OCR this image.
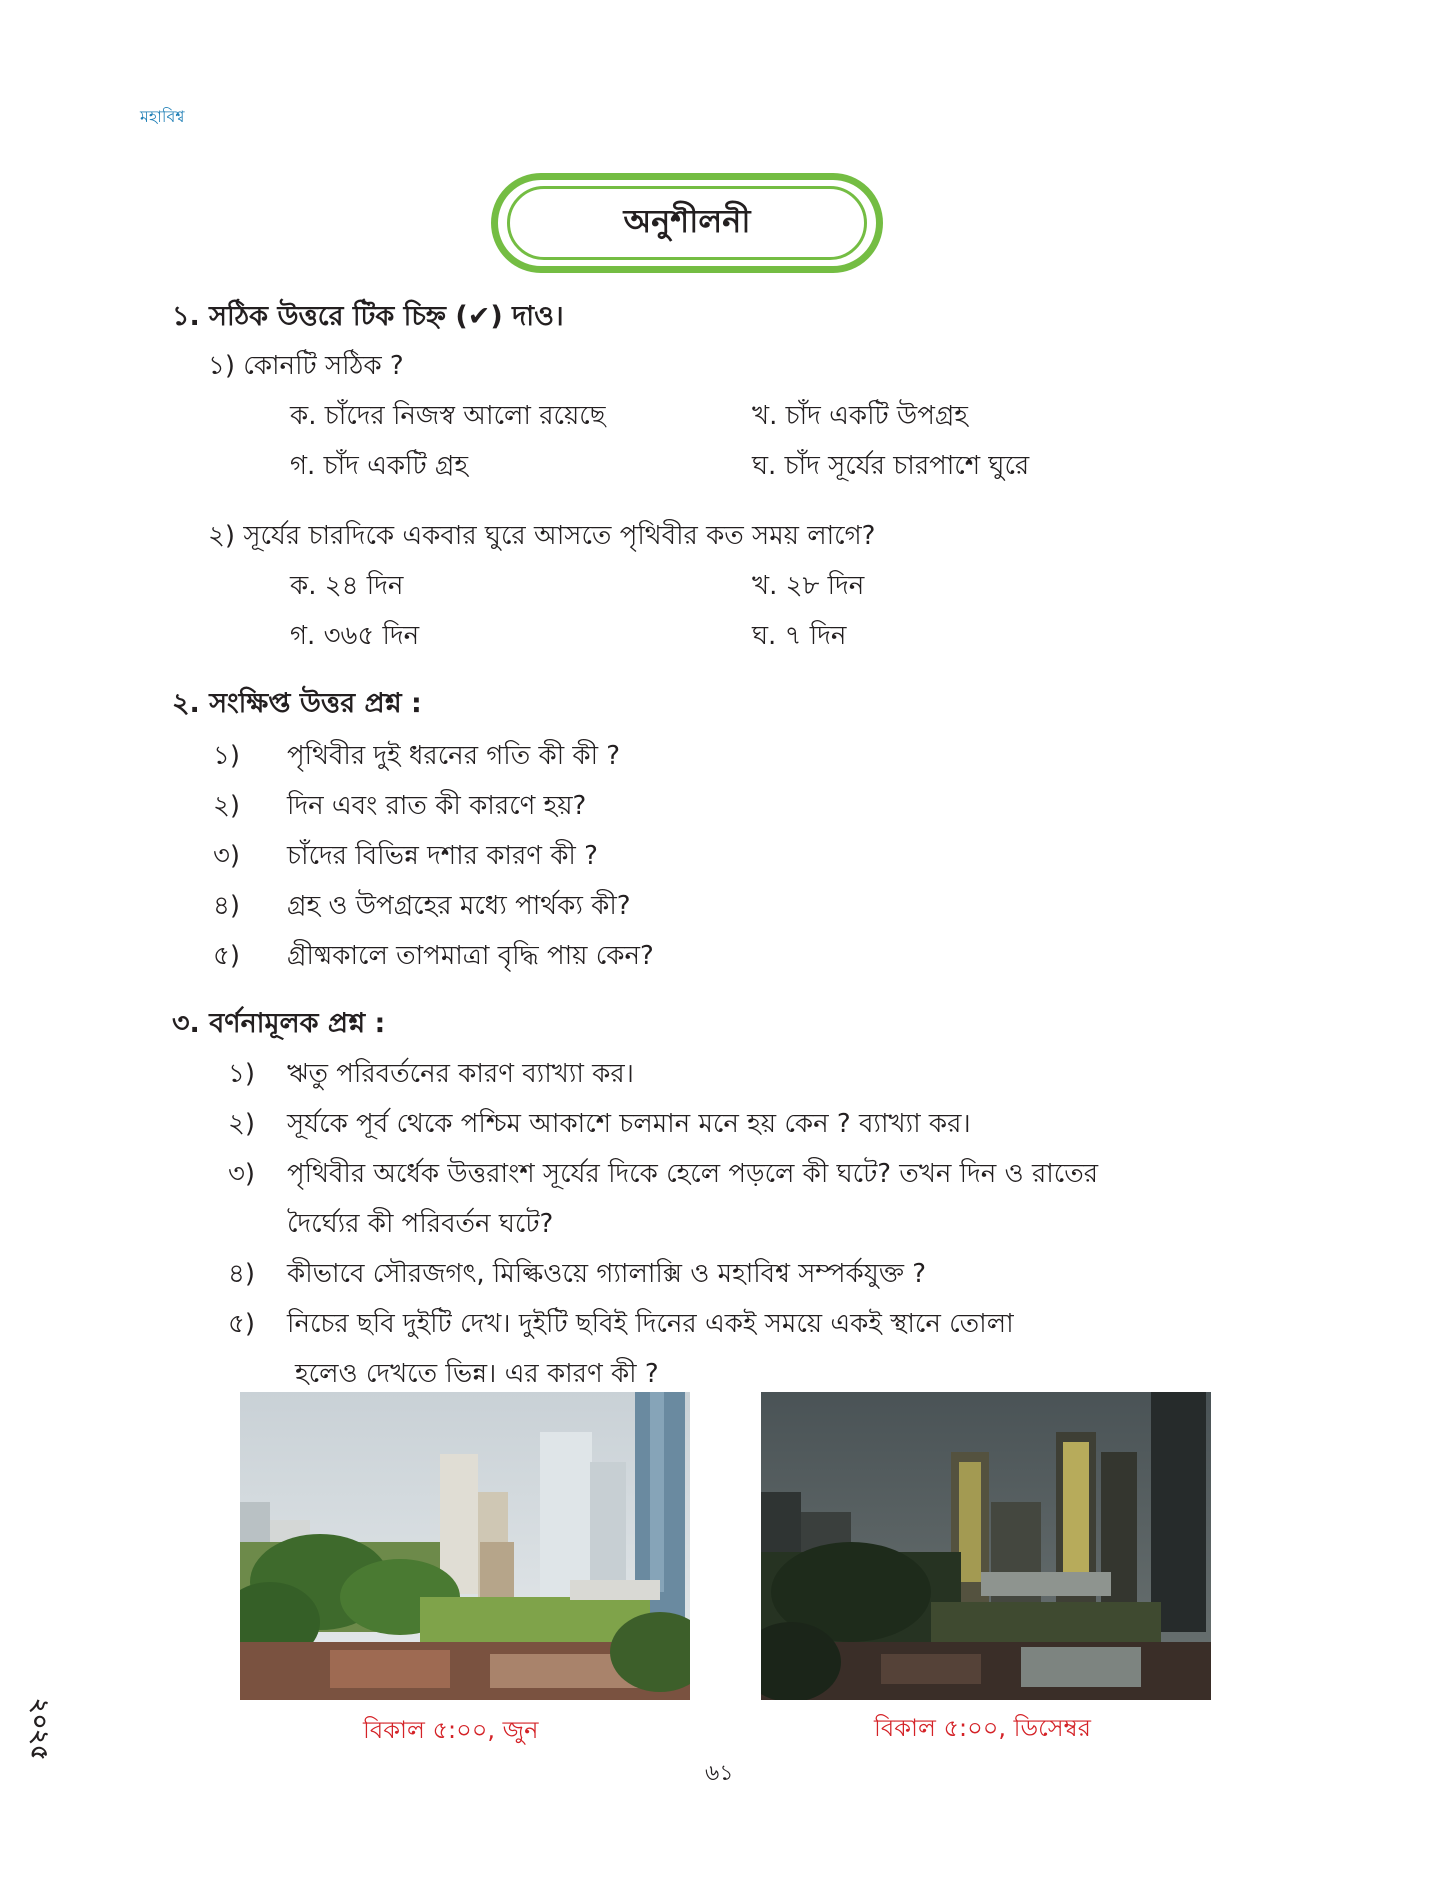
মহাবিশ্ব
অনুশীলনী
১. সঠিক উত্তরে টিক চিহ্ন (✔) দাও।
১) কোনটি সঠিক ?
ক. চাঁদের নিজস্ব আলো রয়েছে	খ. চাঁদ একটি উপগ্রহ
গ. চাঁদ একটি গ্রহ	ঘ. চাঁদ সূর্যের চারপাশে ঘুরে
২) সূর্যের চারদিকে একবার ঘুরে আসতে পৃথিবীর কত সময় লাগে?
ক. ২৪ দিন	খ. ২৮ দিন
গ. ৩৬৫ দিন	ঘ. ৭ দিন
২. সংক্ষিপ্ত উত্তর প্রশ্ন :
১) পৃথিবীর দুই ধরনের গতি কী কী ?
২) দিন এবং রাত কী কারণে হয়?
৩) চাঁদের বিভিন্ন দশার কারণ কী ?
৪) গ্রহ ও উপগ্রহের মধ্যে পার্থক্য কী?
৫) গ্রীষ্মকালে তাপমাত্রা বৃদ্ধি পায় কেন?
৩. বর্ণনামূলক প্রশ্ন :
১) ঋতু পরিবর্তনের কারণ ব্যাখ্যা কর।
২) সূর্যকে পূর্ব থেকে পশ্চিম আকাশে চলমান মনে হয় কেন ? ব্যাখ্যা কর।
৩) পৃথিবীর অর্ধেক উত্তরাংশ সূর্যের দিকে হেলে পড়লে কী ঘটে? তখন দিন ও রাতের
দৈর্ঘ্যের কী পরিবর্তন ঘটে?
৪) কীভাবে সৌরজগৎ, মিল্কিওয়ে গ্যালাক্সি ও মহাবিশ্ব সম্পর্কযুক্ত ?
৫) নিচের ছবি দুইটি দেখ। দুইটি ছবিই দিনের একই সময়ে একই স্থানে তোলা
হলেও দেখতে ভিন্ন। এর কারণ কী ?
বিকাল ৫:০০, জুন	বিকাল ৫:০০, ডিসেম্বর
৬১
২০২৫
